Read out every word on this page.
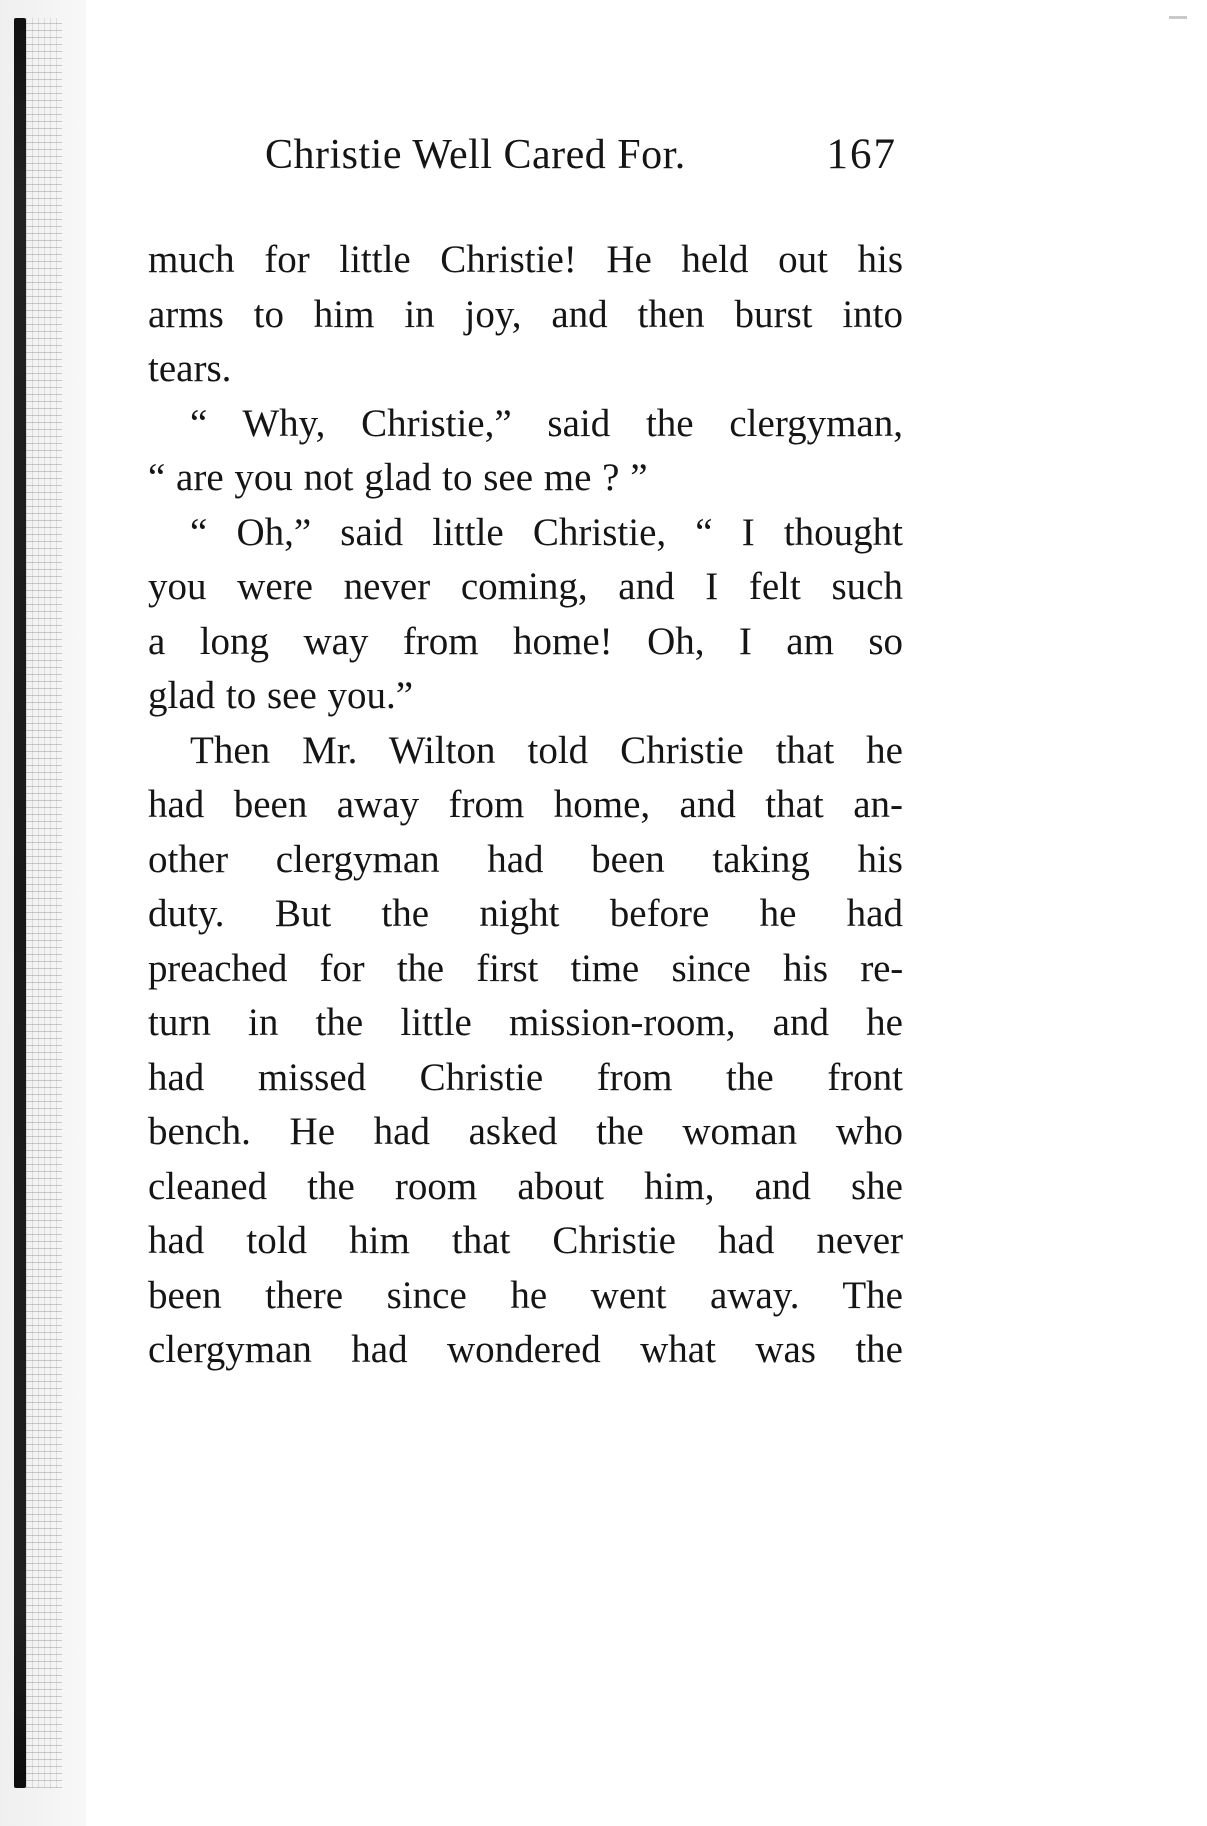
Christie Well Cared For.	167
much for little Christie! He held out his
arms to him in joy, and then burst into
tears.
“ Why, Christie,” said the clergyman,
“ are you not glad to see me ? ”
“ Oh,” said little Christie, “ I thought
you were never coming, and I felt such
a long way from home! Oh, I am so
glad to see you.”
Then Mr. Wilton told Christie that he
had been away from home, and that an-
other clergyman had been taking his
duty. But the night before he had
preached for the first time since his re-
turn in the little mission-room, and he
had missed Christie from the front
bench. He had asked the woman who
cleaned the room about him, and she
had told him that Christie had never
been there since he went away. The
clergyman had wondered what was the
